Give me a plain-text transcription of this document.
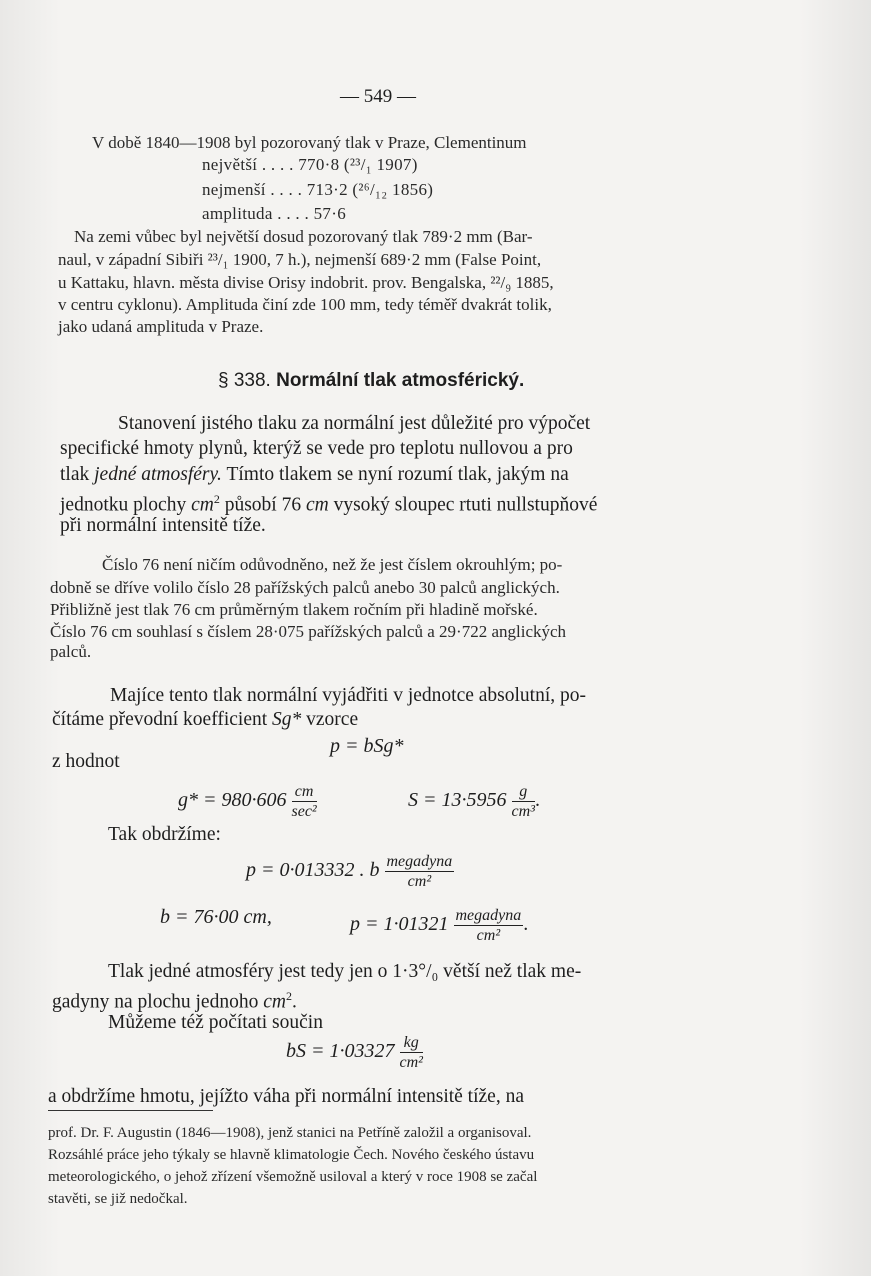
— 549 —
V době 1840—1908 byl pozorovaný tlak v Praze, Clementinum
největší . . . . 770·8 (²³/₁ 1907)
nejmenší . . . . 713·2 (²⁶/₁₂ 1856)
amplituda . . . . 57·6
Na zemi vůbec byl největší dosud pozorovaný tlak 789·2 mm (Bar-
naul, v západní Sibiři ²³/₁ 1900, 7 h.), nejmenší 689·2 mm (False Point,
u Kattaku, hlavn. města divise Orisy indobrit. prov. Bengalska, ²²/₉ 1885,
v centru cyklonu). Amplituda činí zde 100 mm, tedy téměř dvakrát tolik,
jako udaná amplituda v Praze.
§ 338. Normální tlak atmosférický.
Stanovení jistého tlaku za normální jest důležité pro výpočet
specifické hmoty plynů, kterýž se vede pro teplotu nullovou a pro
tlak jedné atmosféry. Tímto tlakem se nyní rozumí tlak, jakým na
jednotku plochy $cm^2$ působí 76 cm vysoký sloupec rtuti nullstupňové
při normální intensitě tíže.
Číslo 76 není ničím odůvodněno, než že jest číslem okrouhlým; po-
dobně se dříve volilo číslo 28 pařížských palců anebo 30 palců anglických.
Přibližně jest tlak 76 cm průměrným tlakem ročním při hladině mořské.
Číslo 76 cm souhlasí s číslem 28·075 pařížských palců a 29·722 anglických
palců.
Majíce tento tlak normální vyjádřiti v jednotce absolutní, po-
čítáme převodní koefficient Sg* vzorce
p = bSg*
z hodnot
$g* = 980\cdot 606 \frac{cm}{\text{sec²}}$	$S = 13\cdot 5956 \frac{g}{\text{cm³}}$ .
Tak obdržíme:
p = 0·013332 . b $\frac{\text{megadyna}}{\text{cm²}}$
b = 76·00 cm,	$p = 1\cdot 01321 \frac{\text{megadyna}}{\text{cm²}}$ .
Tlak jedné atmosféry jest tedy jen o 1·3°/₀ větší než tlak me-
gadyny na plochu jednoho $cm^2$.
Můžeme též počítati součin
bS = $1\cdot 03327 \frac{kg}{\text{cm²}}$
a obdržíme hmotu, jejížto váha při normální intensitě tíže, na
prof. Dr. F. Augustin (1846—1908), jenž stanici na Petříně založil a organisoval.
Rozsáhlé práce jeho týkaly se hlavně klimatologie Čech. Nového českého ústavu
meteorologického, o jehož zřízení všemožně usiloval a který v roce 1908 se začal
stavěti, se již nedočkal.
